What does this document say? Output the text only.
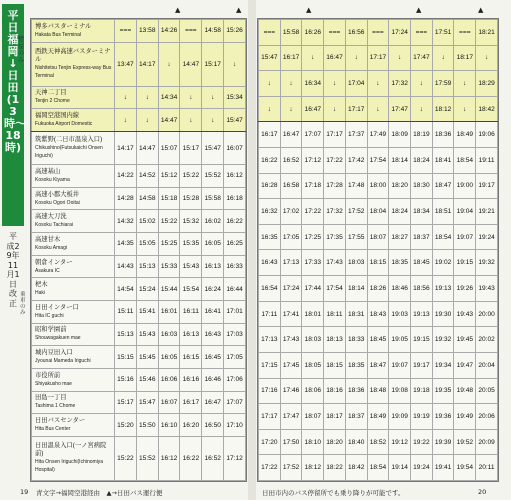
平日 福岡↓日田(13時〜18時)
糟屋のみ
平成29年11月1日改正
乗車のみ
▲	▲	▲	▲	▲
博多バスターミナル
Hakata Bus Terminal	===	13:58	14:26	===	14:58	15:26

西鉄天神高速バスターミナル
Nishitetsu Tenjin Express-way Bus Terminal	13:47	14:17	↓	14:47	15:17	↓

天神二丁目
Tenjin 2 Chome	↓	↓	14:34	↓	↓	15:34

福岡空港国内線
Fukuoka Airport Domestic	↓	↓	14:47	↓	↓	15:47

筑紫野(二日市温泉入口)
Chikushino(Futsukaichi Onsen Iriguchi)	14:17	14:47	15:07	15:17	15:47	16:07

高速基山
Kosoku Kiyama	14:22	14:52	15:12	15:22	15:52	16:12

高速小郡大板井
Kosoku Ogori Ooitai	14:28	14:58	15:18	15:28	15:58	16:18

高速大刀洗
Kosoku Tachiarai	14:32	15:02	15:22	15:32	16:02	16:22

高速甘木
Kosoku Amagi	14:35	15:05	15:25	15:35	16:05	16:25

朝倉インター
Asakura IC	14:43	15:13	15:33	15:43	16:13	16:33

杷木
Haki	14:54	15:24	15:44	15:54	16:24	16:44

日田インター口
Hita IC guchi	15:11	15:41	16:01	16:11	16:41	17:01

昭和学園前
Shouwagakuen mae	15:13	15:43	16:03	16:13	16:43	17:03

城内豆田入口
Jyounai Mameda Iriguchi	15:15	15:45	16:05	16:15	16:45	17:05

市役所前
Shiyakusho mae	15:16	15:46	16:06	16:16	16:46	17:06

田島一丁目
Tashima 1 Chome	15:17	15:47	16:07	16:17	16:47	17:07

日田バスセンター
Hita Bus Center	15:20	15:50	16:10	16:20	16:50	17:10

日田温泉入口(一ノ宮病院前)
Hita Onsen Iriguchi(Ichinomiya Hospital)	15:22	15:52	16:12	16:22	16:52	17:12
===	15:58	16:26	===	16:56	===	17:24	===	17:51	===	18:21
15:47	16:17	↓	16:47	↓	17:17	↓	17:47	↓	18:17	↓
↓	↓	16:34	↓	17:04	↓	17:32	↓	17:59	↓	18:29
↓	↓	16:47	↓	17:17	↓	17:47	↓	18:12	↓	18:42
16:17	16:47	17:07	17:17	17:37	17:49	18:09	18:19	18:36	18:49	19:06
16:22	16:52	17:12	17:22	17:42	17:54	18:14	18:24	18:41	18:54	19:11
16:28	16:58	17:18	17:28	17:48	18:00	18:20	18:30	18:47	19:00	19:17
16:32	17:02	17:22	17:32	17:52	18:04	18:24	18:34	18:51	19:04	19:21
16:35	17:05	17:25	17:35	17:55	18:07	18:27	18:37	18:54	19:07	19:24
16:43	17:13	17:33	17:43	18:03	18:15	18:35	18:45	19:02	19:15	19:32
16:54	17:24	17:44	17:54	18:14	18:26	18:46	18:56	19:13	19:26	19:43
17:11	17:41	18:01	18:11	18:31	18:43	19:03	19:13	19:30	19:43	20:00
17:13	17:43	18:03	18:13	18:33	18:45	19:05	19:15	19:32	19:45	20:02
17:15	17:45	18:05	18:15	18:35	18:47	19:07	19:17	19:34	19:47	20:04
17:16	17:46	18:06	18:16	18:36	18:48	19:08	19:18	19:35	19:48	20:05
17:17	17:47	18:07	18:17	18:37	18:49	19:09	19:19	19:36	19:49	20:06
17:20	17:50	18:10	18:20	18:40	18:52	19:12	19:22	19:39	19:52	20:09
17:22	17:52	18:12	18:22	18:42	18:54	19:14	19:24	19:41	19:54	20:11
19 青文字→福岡空港経由　▲→日田バス運行便	日田市内のバス停留所でも乗り降りが可能です。	20
